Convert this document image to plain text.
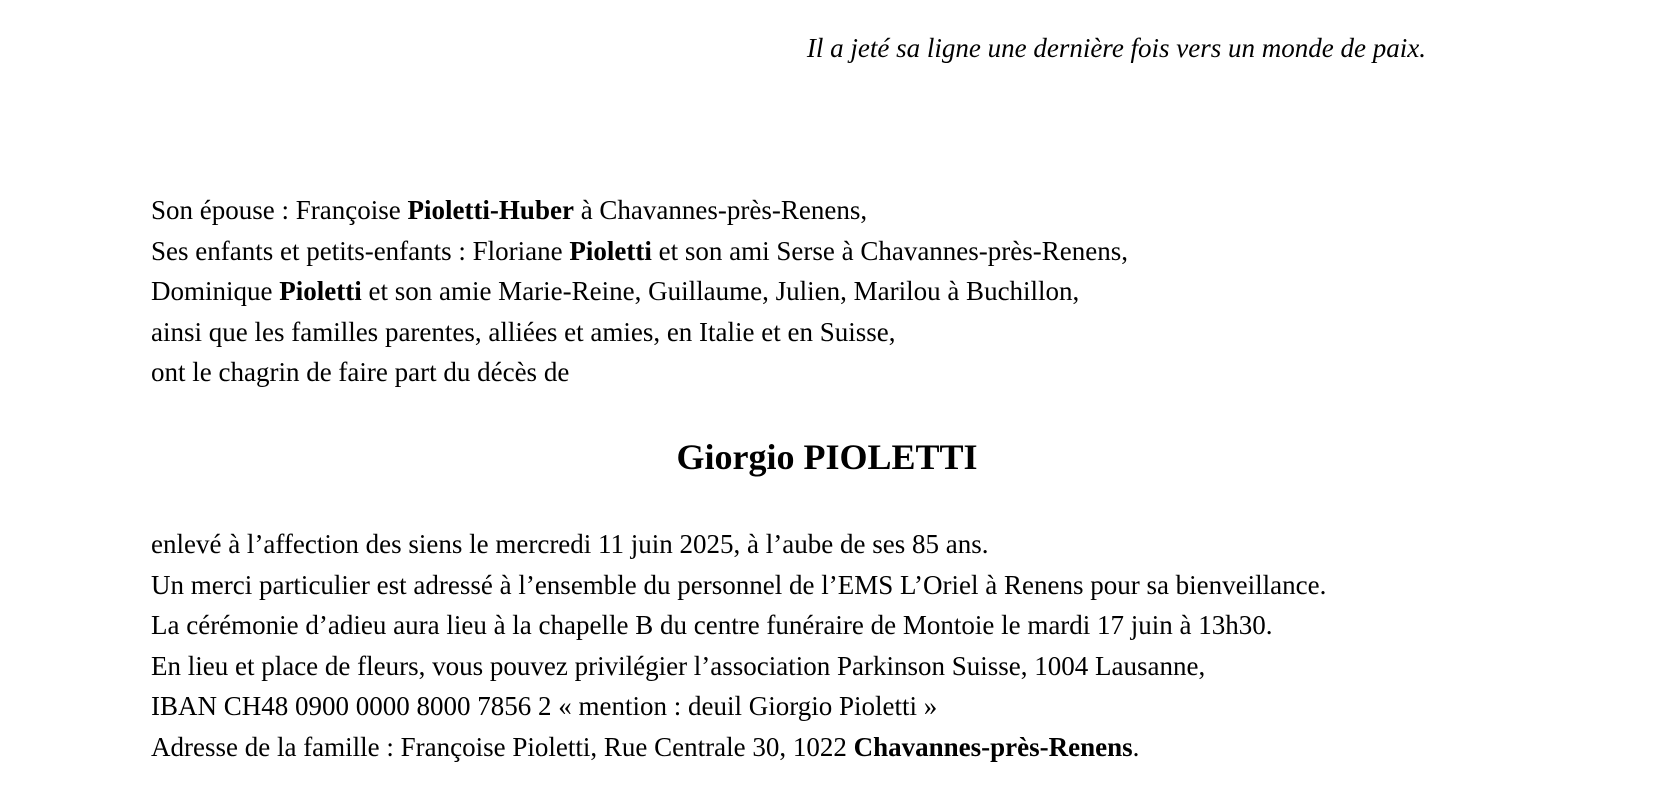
Il a jeté sa ligne une dernière fois vers un monde de paix.
Son épouse : Françoise Pioletti-Huber à Chavannes-près-Renens,
Ses enfants et petits-enfants : Floriane Pioletti et son ami Serse à Chavannes-près-Renens,
Dominique Pioletti et son amie Marie-Reine, Guillaume, Julien, Marilou à Buchillon,
ainsi que les familles parentes, alliées et amies, en Italie et en Suisse,
ont le chagrin de faire part du décès de
Giorgio PIOLETTI
enlevé à l’affection des siens le mercredi 11 juin 2025, à l’aube de ses 85 ans.
Un merci particulier est adressé à l’ensemble du personnel de l’EMS L’Oriel à Renens pour sa bienveillance.
La cérémonie d’adieu aura lieu à la chapelle B du centre funéraire de Montoie le mardi 17 juin à 13h30.
En lieu et place de fleurs, vous pouvez privilégier l’association Parkinson Suisse, 1004 Lausanne,
IBAN CH48 0900 0000 8000 7856 2 « mention : deuil Giorgio Pioletti »
Adresse de la famille : Françoise Pioletti, Rue Centrale 30, 1022 Chavannes-près-Renens.
